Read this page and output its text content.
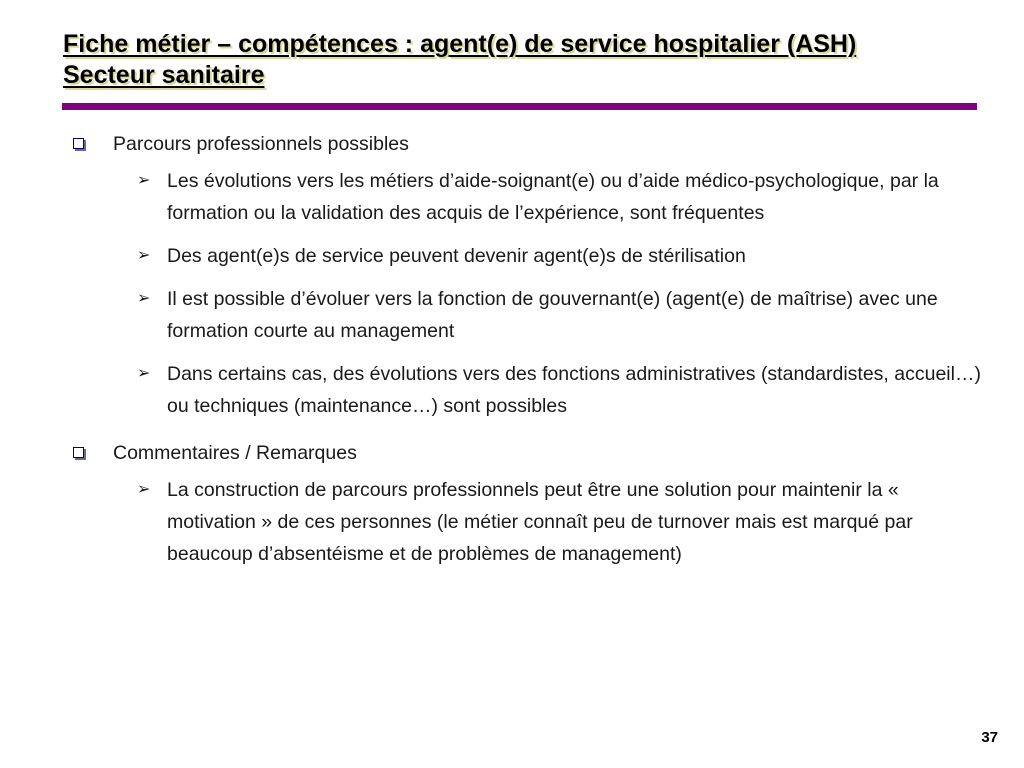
Fiche métier – compétences : agent(e) de service hospitalier (ASH)

Secteur sanitaire

Parcours professionnels possibles
➢ Les évolutions vers les métiers d’aide-soignant(e) ou d’aide médico-psychologique, par la formation ou la validation des acquis de l’expérience, sont fréquentes
➢ Des agent(e)s de service peuvent devenir agent(e)s de stérilisation
➢ Il est possible d’évoluer vers la fonction de gouvernant(e) (agent(e) de maîtrise) avec une formation courte au management
➢ Dans certains cas, des évolutions vers des fonctions administratives (standardistes, accueil…) ou techniques (maintenance…) sont possibles
Commentaires / Remarques
➢ La construction de parcours professionnels peut être une solution pour maintenir la « motivation » de ces personnes (le métier connaît peu de turnover mais est marqué par beaucoup d’absentéisme et de problèmes de management)
37
